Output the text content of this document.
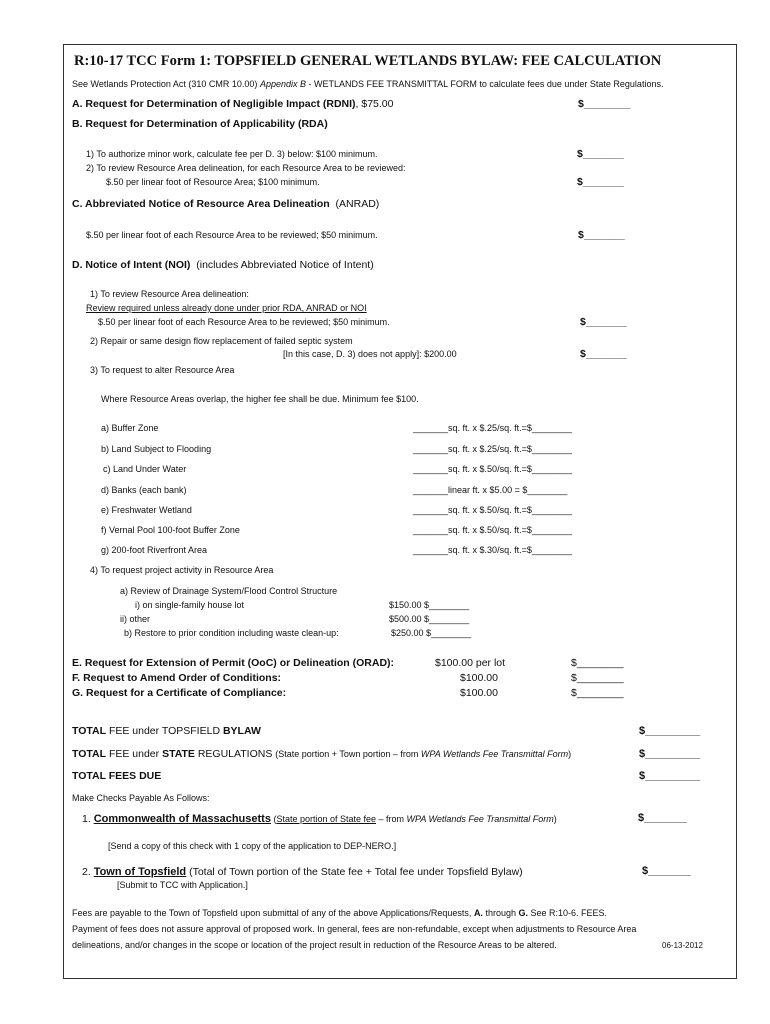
R:10-17 TCC Form 1: TOPSFIELD GENERAL WETLANDS BYLAW: FEE CALCULATION
See Wetlands Protection Act (310 CMR 10.00) Appendix B - WETLANDS FEE TRANSMITTAL FORM to calculate fees due under State Regulations.
A. Request for Determination of Negligible Impact (RDNI), $75.00	$________
B. Request for Determination of Applicability (RDA)
1) To authorize minor work, calculate fee per D. 3) below: $100 minimum.	$_______
2) To review Resource Area delineation, for each Resource Area to be reviewed:
$.50 per linear foot of Resource Area; $100 minimum.	$_______
C. Abbreviated Notice of Resource Area Delineation (ANRAD)
$.50 per linear foot of each Resource Area to be reviewed; $50 minimum.	$_______
D. Notice of Intent (NOI) (includes Abbreviated Notice of Intent)
1) To review Resource Area delineation:
Review required unless already done under prior RDA, ANRAD or NOI
$.50 per linear foot of each Resource Area to be reviewed; $50 minimum.	$_______
2) Repair or same design flow replacement of failed septic system
[In this case, D. 3) does not apply]: $200.00	$_______
3) To request to alter Resource Area
Where Resource Areas overlap, the higher fee shall be due. Minimum fee $100.
a) Buffer Zone	_______sq. ft. x $.25/sq. ft.=$________
b) Land Subject to Flooding	_______sq. ft. x $.25/sq. ft.=$________
c) Land Under Water	_______sq. ft. x $.50/sq. ft.=$________
d) Banks (each bank)	_______linear ft. x $5.00 = $________
e) Freshwater Wetland	_______sq. ft. x $.50/sq. ft.=$________
f) Vernal Pool 100-foot Buffer Zone	_______sq. ft. x $.50/sq. ft.=$________
g) 200-foot Riverfront Area	_______sq. ft. x $.30/sq. ft.=$________
4) To request project activity in Resource Area
a) Review of Drainage System/Flood Control Structure
i) on single-family house lot	$150.00 $________
ii) other	$500.00 $________
b) Restore to prior condition including waste clean-up:	$250.00 $________
E. Request for Extension of Permit (OoC) or Delineation (ORAD):	$100.00 per lot	$________
F. Request to Amend Order of Conditions:	$100.00	$________
G. Request for a Certificate of Compliance:	$100.00	$________
TOTAL FEE under TOPSFIELD BYLAW	$_________
TOTAL FEE under STATE REGULATIONS (State portion + Town portion – from WPA Wetlands Fee Transmittal Form)	$_________
TOTAL FEES DUE	$_________
Make Checks Payable As Follows:
1. Commonwealth of Massachusetts (State portion of State fee – from WPA Wetlands Fee Transmittal Form)	$_______
[Send a copy of this check with 1 copy of the application to DEP-NERO.]
2. Town of Topsfield (Total of Town portion of the State fee + Total fee under Topsfield Bylaw)	$_______
[Submit to TCC with Application.]
Fees are payable to the Town of Topsfield upon submittal of any of the above Applications/Requests, A. through G. See R:10-6. FEES.
Payment of fees does not assure approval of proposed work. In general, fees are non-refundable, except when adjustments to Resource Area
delineations, and/or changes in the scope or location of the project result in reduction of the Resource Areas to be altered.	06-13-2012
